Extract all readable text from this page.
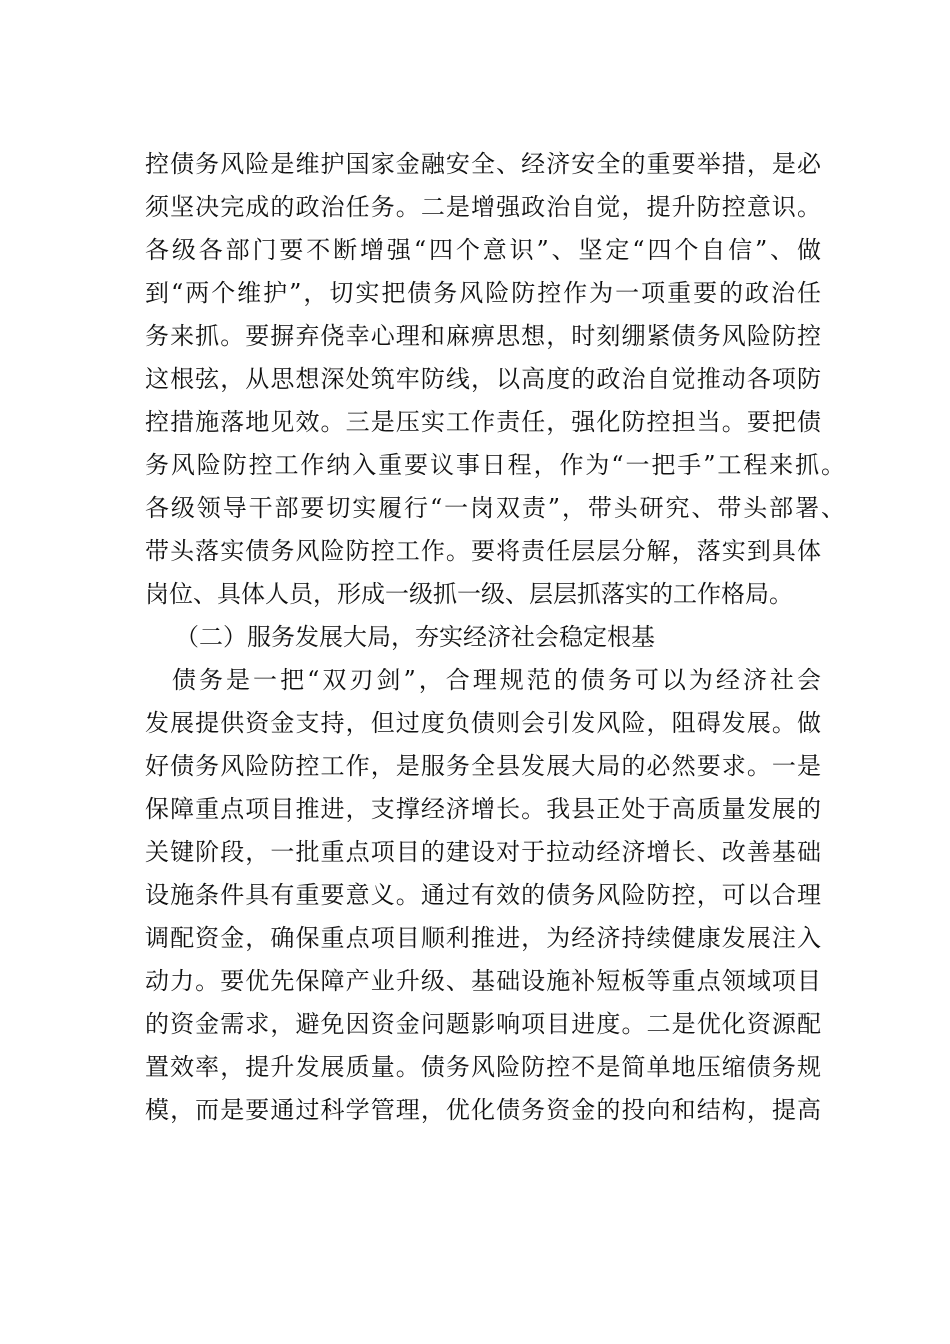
控债务风险是维护国家金融安全、经济安全的重要举措，是必
须坚决完成的政治任务。二是增强政治自觉，提升防控意识。
各级各部门要不断增强“四个意识”、坚定“四个自信”、做
到“两个维护”，切实把债务风险防控作为一项重要的政治任
务来抓。要摒弃侥幸心理和麻痹思想，时刻绷紧债务风险防控
这根弦，从思想深处筑牢防线，以高度的政治自觉推动各项防
控措施落地见效。三是压实工作责任，强化防控担当。要把债
务风险防控工作纳入重要议事日程，作为“一把手”工程来抓。
各级领导干部要切实履行“一岗双责”，带头研究、带头部署、
带头落实债务风险防控工作。要将责任层层分解，落实到具体
岗位、具体人员，形成一级抓一级、层层抓落实的工作格局。
（二）服务发展大局，夯实经济社会稳定根基
债务是一把“双刃剑”，合理规范的债务可以为经济社会
发展提供资金支持，但过度负债则会引发风险，阻碍发展。做
好债务风险防控工作，是服务全县发展大局的必然要求。一是
保障重点项目推进，支撑经济增长。我县正处于高质量发展的
关键阶段，一批重点项目的建设对于拉动经济增长、改善基础
设施条件具有重要意义。通过有效的债务风险防控，可以合理
调配资金，确保重点项目顺利推进，为经济持续健康发展注入
动力。要优先保障产业升级、基础设施补短板等重点领域项目
的资金需求，避免因资金问题影响项目进度。二是优化资源配
置效率，提升发展质量。债务风险防控不是简单地压缩债务规
模，而是要通过科学管理，优化债务资金的投向和结构，提高
